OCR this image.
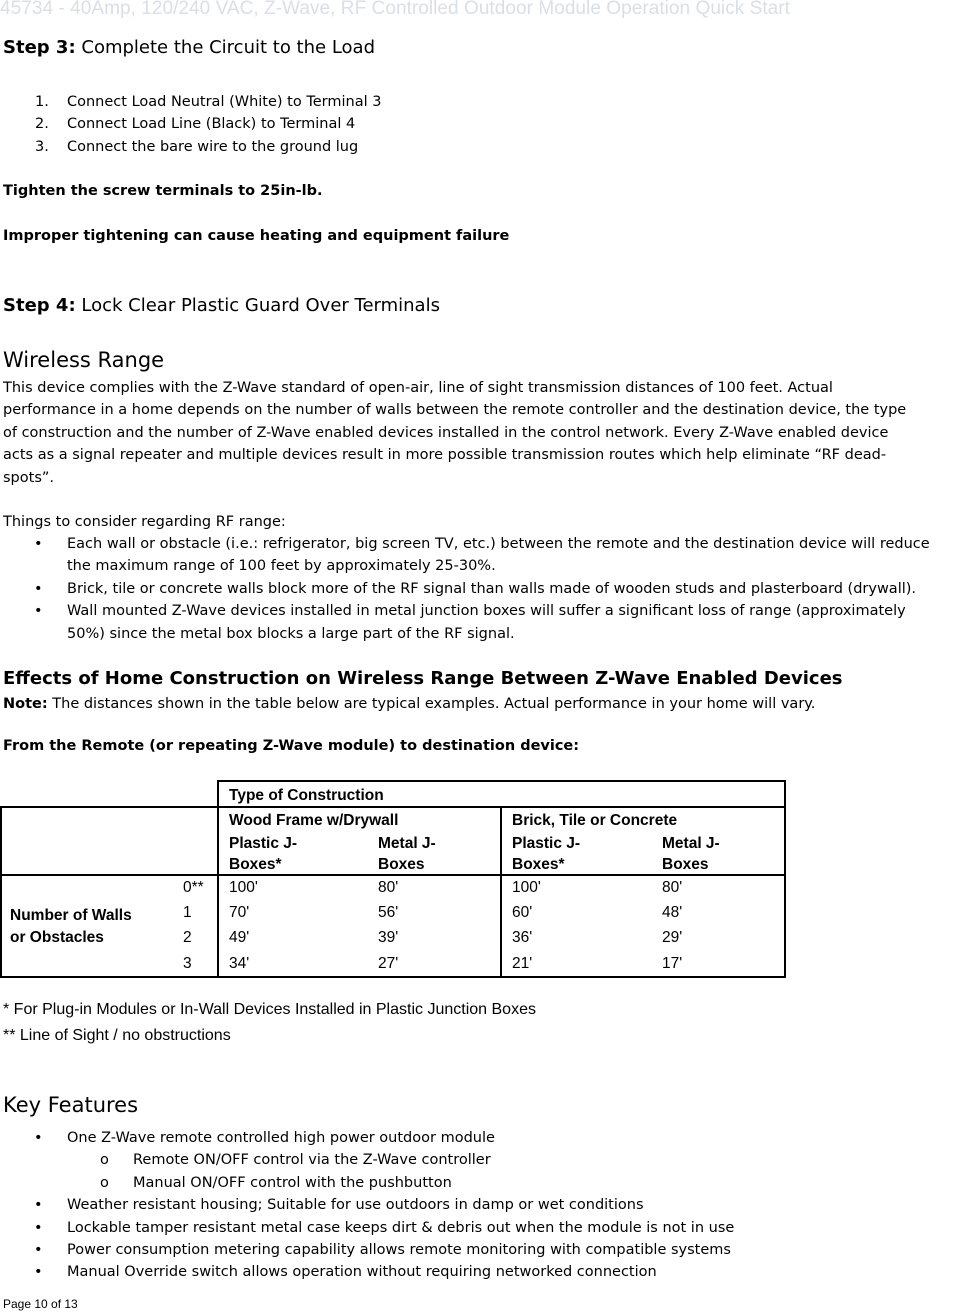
45734 - 40Amp, 120/240 VAC, Z-Wave, RF Controlled Outdoor Module Operation Quick Start
Step 3: Complete the Circuit to the Load
1. Connect Load Neutral (White) to Terminal 3
2. Connect Load Line (Black) to Terminal 4
3. Connect the bare wire to the ground lug
Tighten the screw terminals to 25in-lb.
Improper tightening can cause heating and equipment failure
Step 4: Lock Clear Plastic Guard Over Terminals
Wireless Range
This device complies with the Z-Wave standard of open-air, line of sight transmission distances of 100 feet. Actual
performance in a home depends on the number of walls between the remote controller and the destination device, the type
of construction and the number of Z-Wave enabled devices installed in the control network. Every Z-Wave enabled device
acts as a signal repeater and multiple devices result in more possible transmission routes which help eliminate “RF dead-
spots”.
Things to consider regarding RF range:
• Each wall or obstacle (i.e.: refrigerator, big screen TV, etc.) between the remote and the destination device will reduce
the maximum range of 100 feet by approximately 25-30%.
• Brick, tile or concrete walls block more of the RF signal than walls made of wooden studs and plasterboard (drywall).
• Wall mounted Z-Wave devices installed in metal junction boxes will suffer a significant loss of range (approximately
50%) since the metal box blocks a large part of the RF signal.
Effects of Home Construction on Wireless Range Between Z-Wave Enabled Devices
Note: The distances shown in the table below are typical examples. Actual performance in your home will vary.
From the Remote (or repeating Z-Wave module) to destination device:
Type of Construction
Wood Frame w/Drywall	Brick, Tile or Concrete
Plastic J-
Boxes*
Metal J-
Boxes
Plastic J-
Boxes*
Metal J-
Boxes
Number of Walls
or Obstacles
0** 100'	80'	100'	80'
1 70'	56'	60'	48'
2 49'	39'	36'	29'
3 34'	27'	21'	17'
* For Plug-in Modules or In-Wall Devices Installed in Plastic Junction Boxes
** Line of Sight / no obstructions
Key Features
• One Z-Wave remote controlled high power outdoor module
o Remote ON/OFF control via the Z-Wave controller
o Manual ON/OFF control with the pushbutton
• Weather resistant housing; Suitable for use outdoors in damp or wet conditions
• Lockable tamper resistant metal case keeps dirt & debris out when the module is not in use
• Power consumption metering capability allows remote monitoring with compatible systems
• Manual Override switch allows operation without requiring networked connection
Page 10 of 13
